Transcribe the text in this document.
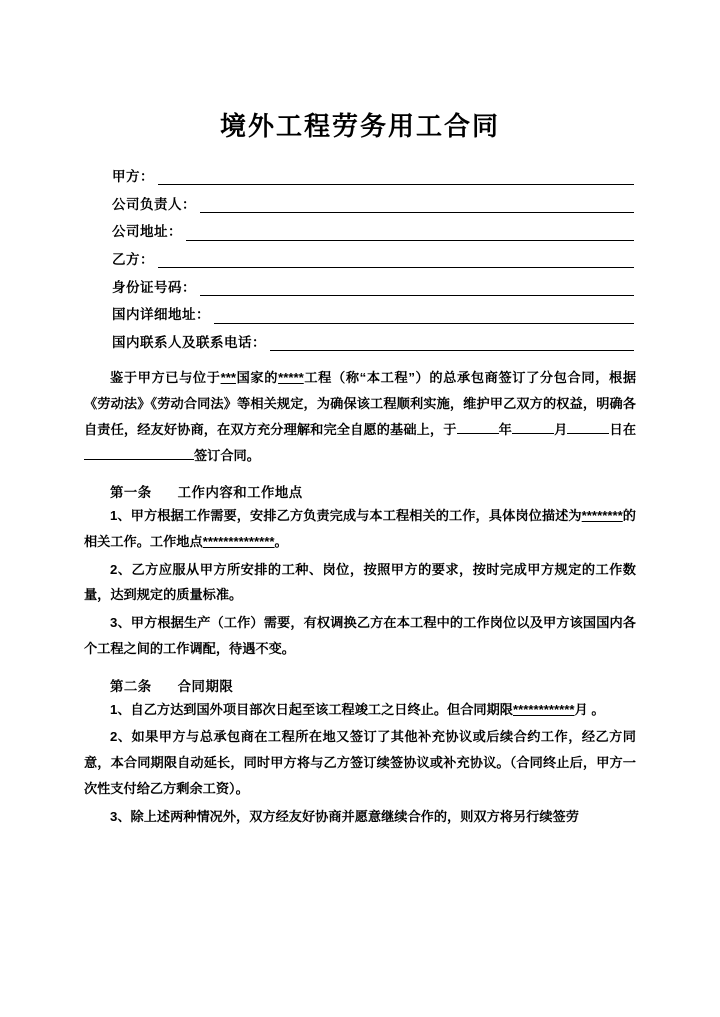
境外工程劳务用工合同
甲方：
公司负责人：
公司地址：
乙方：
身份证号码：
国内详细地址：
国内联系人及联系电话：

鉴于甲方已与位于***国家的*****工程（称“本工程”）的总承包商签订了分包合同，根据《劳动法》《劳动合同法》等相关规定，为确保该工程顺利实施，维护甲乙双方的权益，明确各自责任，经友好协商，在双方充分理解和完全自愿的基础上，于	年	月	日在签订合同。

第一条 工作内容和工作地点

1、甲方根据工作需要，安排乙方负责完成与本工程相关的工作，具体岗位描述为********的相关工作。工作地点**************。

2、乙方应服从甲方所安排的工种、岗位，按照甲方的要求，按时完成甲方规定的工作数量，达到规定的质量标准。

3、甲方根据生产（工作）需要，有权调换乙方在本工程中的工作岗位以及甲方该国国内各个工程之间的工作调配，待遇不变。

第二条 合同期限

1、自乙方达到国外项目部次日起至该工程竣工之日终止。但合同期限************月 。

2、如果甲方与总承包商在工程所在地又签订了其他补充协议或后续合约工作，经乙方同意，本合同期限自动延长，同时甲方将与乙方签订续签协议或补充协议。（合同终止后，甲方一次性支付给乙方剩余工资）。

3、除上述两种情况外，双方经友好协商并愿意继续合作的，则双方将另行续签劳
